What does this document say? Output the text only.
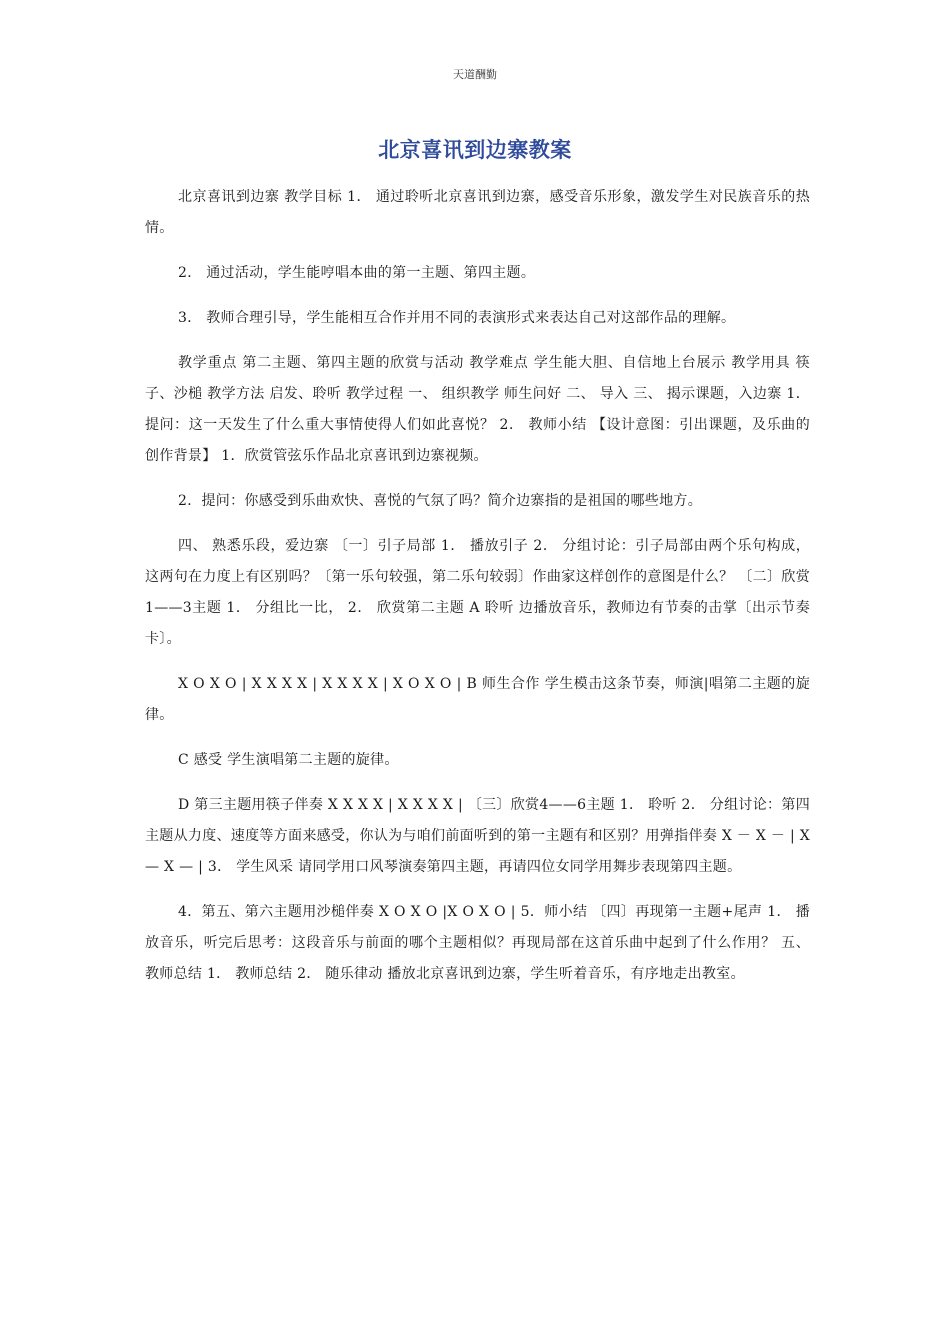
天道酬勤
北京喜讯到边寨教案

北京喜讯到边寨 教学目标 1． 通过聆听北京喜讯到边寨，感受音乐形象，激发学生对民族音乐的热情。

2． 通过活动，学生能哼唱本曲的第一主题、第四主题。

3． 教师合理引导，学生能相互合作并用不同的表演形式来表达自己对这部作品的理解。

教学重点 第二主题、第四主题的欣赏与活动 教学难点 学生能大胆、自信地上台展示 教学用具 筷子、沙槌 教学方法 启发、聆听 教学过程 一、 组织教学 师生问好 二、 导入 三、 揭示课题，入边寨 1．提问：这一天发生了什么重大事情使得人们如此喜悦？ 2． 教师小结 【设计意图：引出课题，及乐曲的创作背景】 1．欣赏管弦乐作品北京喜讯到边寨视频。

2．提问：你感受到乐曲欢快、喜悦的气氛了吗？简介边寨指的是祖国的哪些地方。

四、 熟悉乐段，爱边寨 〔一〕引子局部 1． 播放引子 2． 分组讨论：引子局部由两个乐句构成，这两句在力度上有区别吗？〔第一乐句较强，第二乐句较弱〕作曲家这样创作的意图是什么？ 〔二〕欣赏1——3主题 1． 分组比一比， 2． 欣赏第二主题 A 聆听 边播放音乐，教师边有节奏的击掌〔出示节奏卡〕。

X O X O | X X X X | X X X X | X O X O | B 师生合作 学生模击这条节奏，师演|唱第二主题的旋律。

C 感受 学生演唱第二主题的旋律。

D 第三主题用筷子伴奏 X X X X | X X X X | 〔三〕欣赏4——6主题 1． 聆听 2． 分组讨论：第四主题从力度、速度等方面来感受，你认为与咱们前面听到的第一主题有和区别？用弹指伴奏 X － X － | X — X — | 3． 学生风采 请同学用口风琴演奏第四主题，再请四位女同学用舞步表现第四主题。

4．第五、第六主题用沙槌伴奏 X O X O |X O X O | 5．师小结 〔四〕再现第一主题+尾声 1． 播放音乐，听完后思考：这段音乐与前面的哪个主题相似？再现局部在这首乐曲中起到了什么作用？ 五、 教师总结 1． 教师总结 2． 随乐律动 播放北京喜讯到边寨，学生听着音乐，有序地走出教室。
